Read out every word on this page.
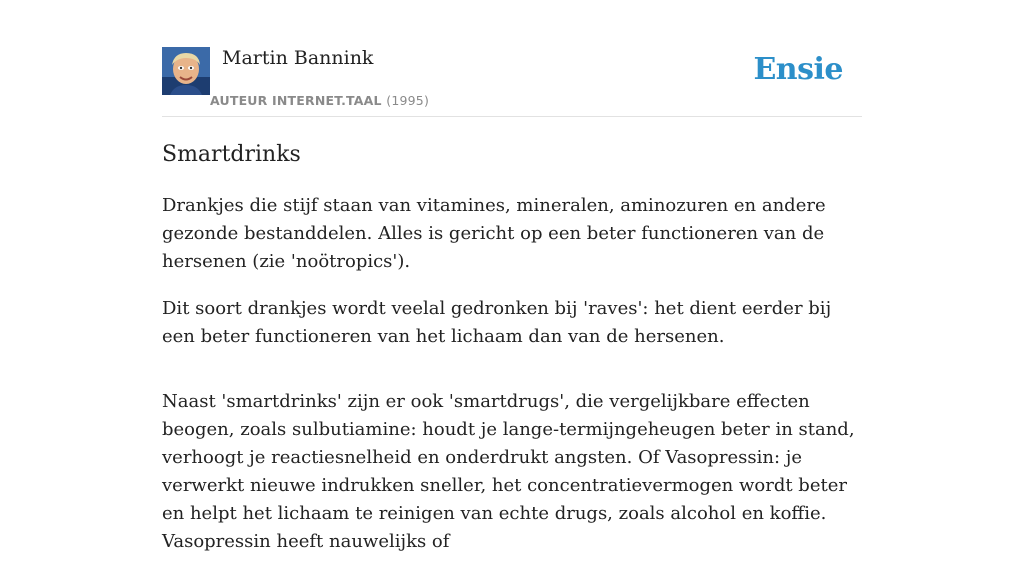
Martin Bannink
AUTEUR INTERNET.TAAL (1995)
Ensie
Smartdrinks

Drankjes die stijf staan van vitamines, mineralen, aminozuren en andere gezonde bestanddelen. Alles is gericht op een beter functioneren van de hersenen (zie 'noötropics').

Dit soort drankjes wordt veelal gedronken bij 'raves': het dient eerder bij een beter functioneren van het lichaam dan van de hersenen.

Naast 'smartdrinks' zijn er ook 'smartdrugs', die vergelijkbare effecten beogen, zoals sulbutiamine: houdt je lange-termijngeheugen beter in stand, verhoogt je reactiesnelheid en onderdrukt angsten. Of Vasopressin: je verwerkt nieuwe indrukken sneller, het concentratievermogen wordt beter en helpt het lichaam te reinigen van echte drugs, zoals alcohol en koffie. Vasopressin heeft nauwelijks of
